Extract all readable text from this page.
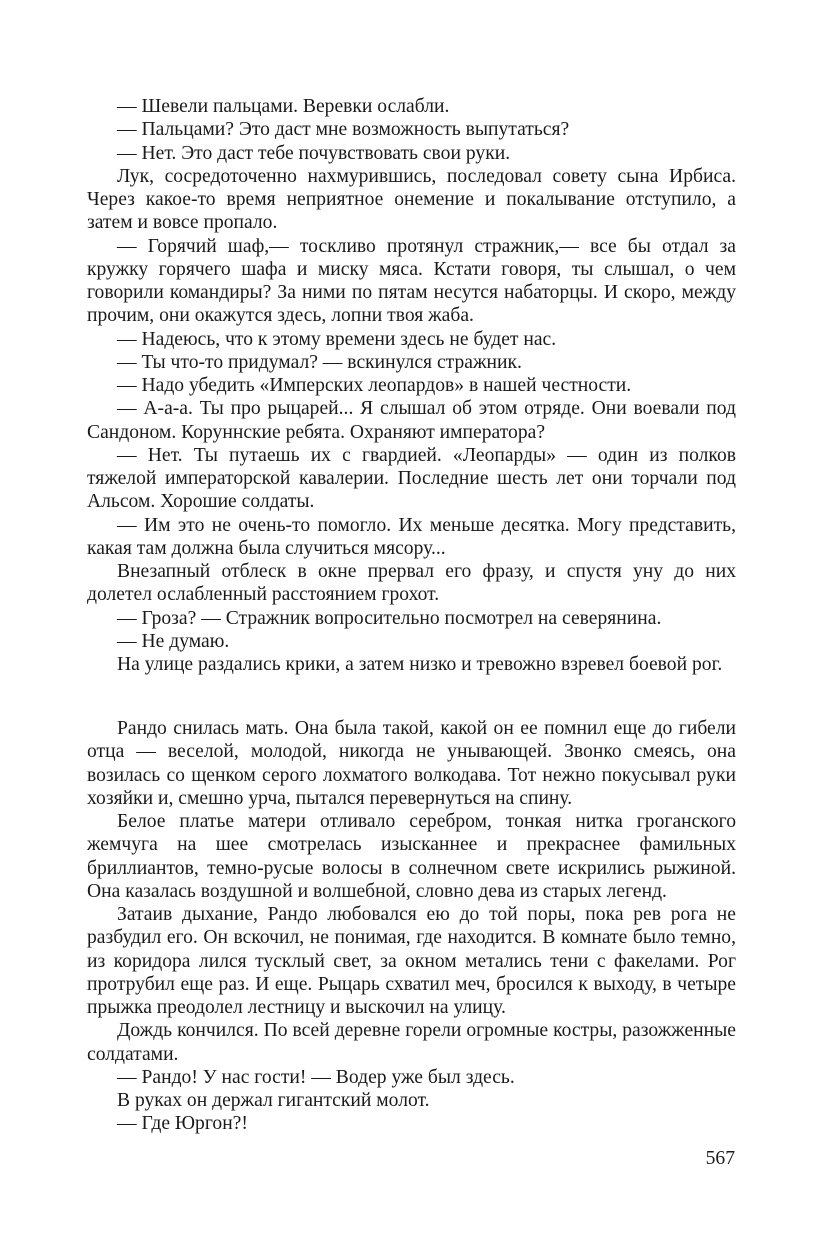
— Шевели пальцами. Веревки ослабли.

— Пальцами? Это даст мне возможность выпутаться?

— Нет. Это даст тебе почувствовать свои руки.

Лук, сосредоточенно нахмурившись, последовал совету сына Ирбиса. Через какое-то время неприятное онемение и покалывание отступило, а затем и вовсе пропало.

— Горячий шаф,— тоскливо протянул стражник,— все бы отдал за кружку горячего шафа и миску мяса. Кстати говоря, ты слышал, о чем говорили командиры? За ними по пятам несутся набаторцы. И скоро, между прочим, они окажутся здесь, лопни твоя жаба.

— Надеюсь, что к этому времени здесь не будет нас.

— Ты что-то придумал? — вскинулся стражник.

— Надо убедить «Имперских леопардов» в нашей честности.

— А-а-а. Ты про рыцарей... Я слышал об этом отряде. Они воевали под Сандоном. Коруннские ребята. Охраняют императора?

— Нет. Ты путаешь их с гвардией. «Леопарды» — один из полков тяжелой императорской кавалерии. Последние шесть лет они торчали под Альсом. Хорошие солдаты.

— Им это не очень-то помогло. Их меньше десятка. Могу представить, какая там должна была случиться мясору...

Внезапный отблеск в окне прервал его фразу, и спустя уну до них долетел ослабленный расстоянием грохот.

— Гроза? — Стражник вопросительно посмотрел на северянина.

— Не думаю.

На улице раздались крики, а затем низко и тревожно взревел боевой рог.

Рандо снилась мать. Она была такой, какой он ее помнил еще до гибели отца — веселой, молодой, никогда не унывающей. Звонко смеясь, она возилась со щенком серого лохматого волкодава. Тот нежно покусывал руки хозяйки и, смешно урча, пытался перевернуться на спину.

Белое платье матери отливало серебром, тонкая нитка гроганского жемчуга на шее смотрелась изысканнее и прекраснее фамильных бриллиантов, темно-русые волосы в солнечном свете искрились рыжиной. Она казалась воздушной и волшебной, словно дева из старых легенд.

Затаив дыхание, Рандо любовался ею до той поры, пока рев рога не разбудил его. Он вскочил, не понимая, где находится. В комнате было темно, из коридора лился тусклый свет, за окном метались тени с факелами. Рог протрубил еще раз. И еще. Рыцарь схватил меч, бросился к выходу, в четыре прыжка преодолел лестницу и выскочил на улицу.

Дождь кончился. По всей деревне горели огромные костры, разожженные солдатами.

— Рандо! У нас гости! — Водер уже был здесь.

В руках он держал гигантский молот.

— Где Юргон?!

567
